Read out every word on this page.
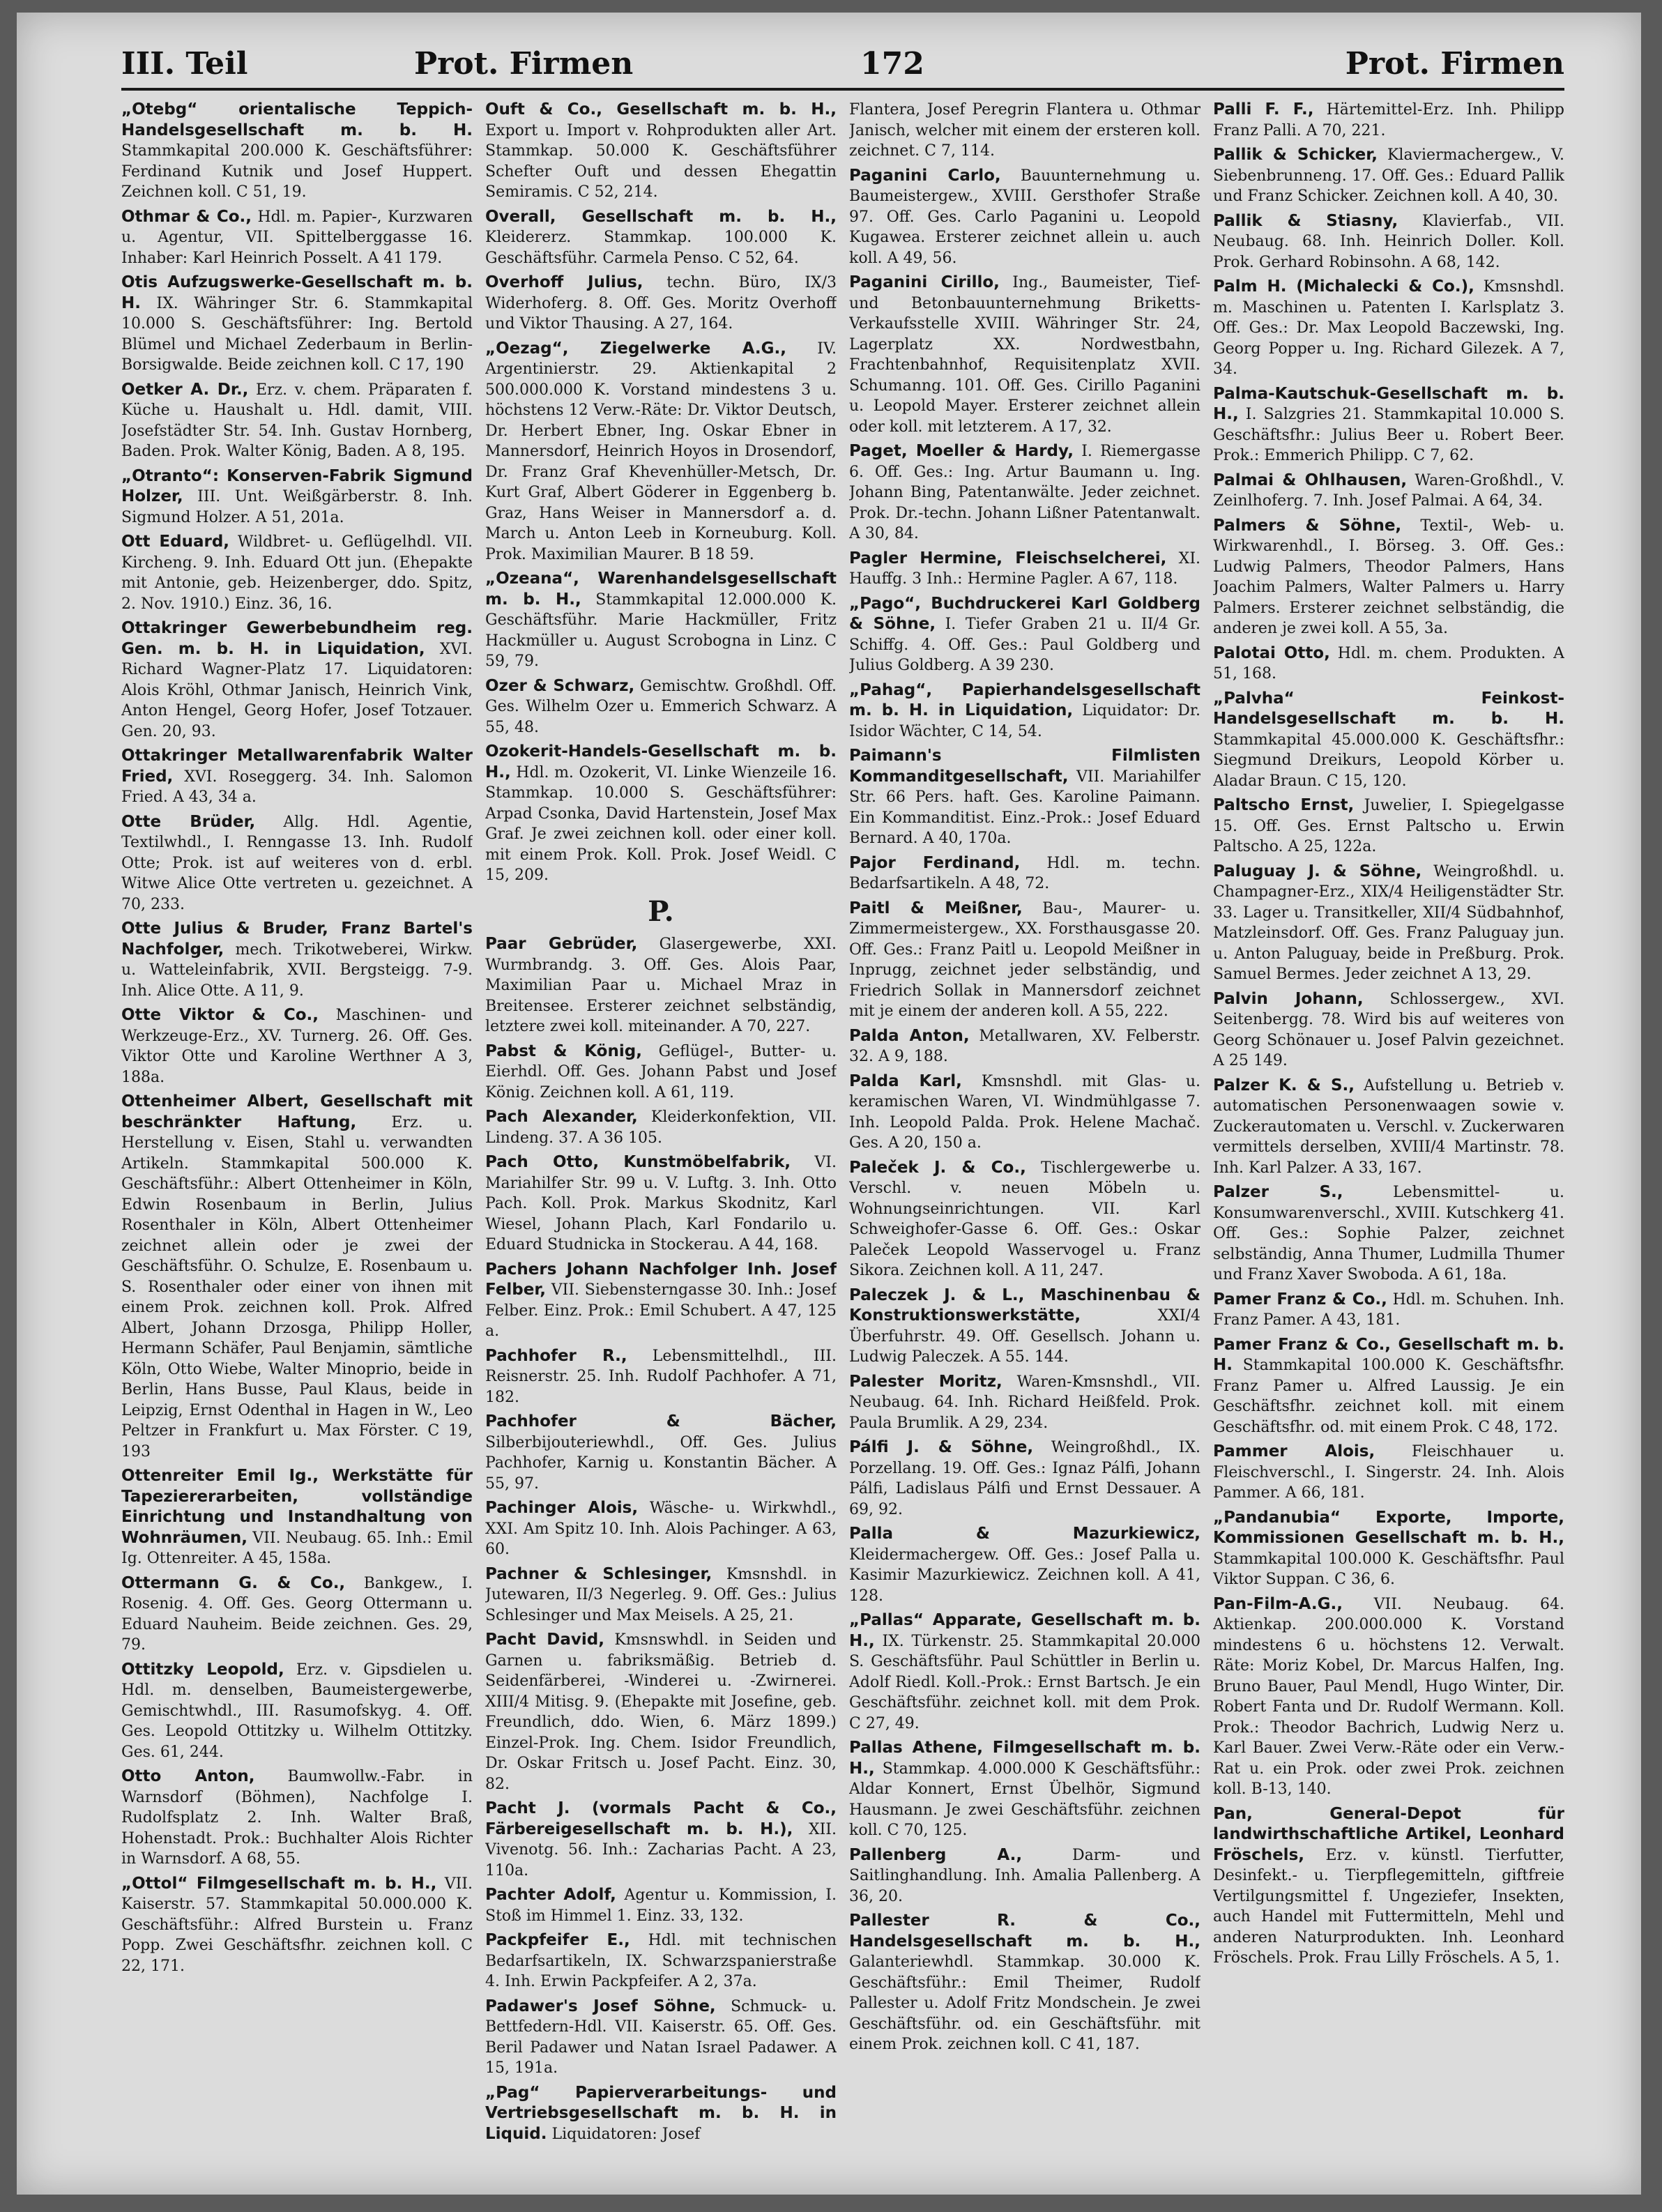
III. Teil	Prot. Firmen	172	Prot. Firmen
„Otebg“ orientalische Teppich-Handelsgesellschaft m. b. H. Stammkapital 200.000 K. Geschäftsführer: Ferdinand Kutnik und Josef Huppert. Zeichnen koll. C 51, 19.
Othmar & Co., Hdl. m. Papier-, Kurzwaren u. Agentur, VII. Spittelberggasse 16. Inhaber: Karl Heinrich Posselt. A 41 179.
Otis Aufzugswerke-Gesellschaft m. b. H. IX. Währinger Str. 6. Stammkapital 10.000 S. Geschäftsführer: Ing. Bertold Blümel und Michael Zederbaum in Berlin-Borsigwalde. Beide zeichnen koll. C 17, 190
Oetker A. Dr., Erz. v. chem. Präparaten f. Küche u. Haushalt u. Hdl. damit, VIII. Josefstädter Str. 54. Inh. Gustav Hornberg, Baden. Prok. Walter König, Baden. A 8, 195.
„Otranto“: Konserven-Fabrik Sigmund Holzer, III. Unt. Weißgärberstr. 8. Inh. Sigmund Holzer. A 51, 201a.
Ott Eduard, Wildbret- u. Geflügelhdl. VII. Kircheng. 9. Inh. Eduard Ott jun. (Ehepakte mit Antonie, geb. Heizenberger, ddo. Spitz, 2. Nov. 1910.) Einz. 36, 16.
Ottakringer Gewerbebundheim reg. Gen. m. b. H. in Liquidation, XVI. Richard Wagner-Platz 17. Liquidatoren: Alois Kröhl, Othmar Janisch, Heinrich Vink, Anton Hengel, Georg Hofer, Josef Totzauer. Gen. 20, 93.
Ottakringer Metallwarenfabrik Walter Fried, XVI. Roseggerg. 34. Inh. Salomon Fried. A 43, 34 a.
Otte Brüder, Allg. Hdl. Agentie, Textilwhdl., I. Renngasse 13. Inh. Rudolf Otte; Prok. ist auf weiteres von d. erbl. Witwe Alice Otte vertreten u. gezeichnet. A 70, 233.
Otte Julius & Bruder, Franz Bartel's Nachfolger, mech. Trikotweberei, Wirkw. u. Watteleinfabrik, XVII. Bergsteigg. 7-9. Inh. Alice Otte. A 11, 9.
Otte Viktor & Co., Maschinen- und Werkzeuge-Erz., XV. Turnerg. 26. Off. Ges. Viktor Otte und Karoline Werthner A 3, 188a.
Ottenheimer Albert, Gesellschaft mit beschränkter Haftung, Erz. u. Herstellung v. Eisen, Stahl u. verwandten Artikeln. Stammkapital 500.000 K. Geschäftsführ.: Albert Ottenheimer in Köln, Edwin Rosenbaum in Berlin, Julius Rosenthaler in Köln, Albert Ottenheimer zeichnet allein oder je zwei der Geschäftsführ. O. Schulze, E. Rosenbaum u. S. Rosenthaler oder einer von ihnen mit einem Prok. zeichnen koll. Prok. Alfred Albert, Johann Drzosga, Philipp Holler, Hermann Schäfer, Paul Benjamin, sämtliche Köln, Otto Wiebe, Walter Minoprio, beide in Berlin, Hans Busse, Paul Klaus, beide in Leipzig, Ernst Odenthal in Hagen in W., Leo Peltzer in Frankfurt u. Max Förster. C 19, 193
Ottenreiter Emil Ig., Werkstätte für Tapeziererarbeiten, vollständige Einrichtung und Instandhaltung von Wohnräumen, VII. Neubaug. 65. Inh.: Emil Ig. Ottenreiter. A 45, 158a.
Ottermann G. & Co., Bankgew., I. Rosenig. 4. Off. Ges. Georg Ottermann u. Eduard Nauheim. Beide zeichnen. Ges. 29, 79.
Ottitzky Leopold, Erz. v. Gipsdielen u. Hdl. m. denselben, Baumeistergewerbe, Gemischtwhdl., III. Rasumofskyg. 4. Off. Ges. Leopold Ottitzky u. Wilhelm Ottitzky. Ges. 61, 244.
Otto Anton, Baumwollw.-Fabr. in Warnsdorf (Böhmen), Nachfolge I. Rudolfsplatz 2. Inh. Walter Braß, Hohenstadt. Prok.: Buchhalter Alois Richter in Warnsdorf. A 68, 55.
„Ottol“ Filmgesellschaft m. b. H., VII. Kaiserstr. 57. Stammkapital 50.000.000 K. Geschäftsführ.: Alfred Burstein u. Franz Popp. Zwei Geschäftsfhr. zeichnen koll. C 22, 171.
Ouft & Co., Gesellschaft m. b. H., Export u. Import v. Rohprodukten aller Art. Stammkap. 50.000 K. Geschäftsführer Schefter Ouft und dessen Ehegattin Semiramis. C 52, 214.
Overall, Gesellschaft m. b. H., Kleidererz. Stammkap. 100.000 K. Geschäftsführ. Carmela Penso. C 52, 64.
Overhoff Julius, techn. Büro, IX/3 Widerhoferg. 8. Off. Ges. Moritz Overhoff und Viktor Thausing. A 27, 164.
„Oezag“, Ziegelwerke A.G., IV. Argentinierstr. 29. Aktienkapital 2 500.000.000 K. Vorstand mindestens 3 u. höchstens 12 Verw.-Räte: Dr. Viktor Deutsch, Dr. Herbert Ebner, Ing. Oskar Ebner in Mannersdorf, Heinrich Hoyos in Drosendorf, Dr. Franz Graf Khevenhüller-Metsch, Dr. Kurt Graf, Albert Göderer in Eggenberg b. Graz, Hans Weiser in Mannersdorf a. d. March u. Anton Leeb in Korneuburg. Koll. Prok. Maximilian Maurer. B 18 59.
„Ozeana“, Warenhandelsgesellschaft m. b. H., Stammkapital 12.000.000 K. Geschäftsführ. Marie Hackmüller, Fritz Hackmüller u. August Scrobogna in Linz. C 59, 79.
Ozer & Schwarz, Gemischtw. Großhdl. Off. Ges. Wilhelm Ozer u. Emmerich Schwarz. A 55, 48.
Ozokerit-Handels-Gesellschaft m. b. H., Hdl. m. Ozokerit, VI. Linke Wienzeile 16. Stammkap. 10.000 S. Geschäftsführer: Arpad Csonka, David Hartenstein, Josef Max Graf. Je zwei zeichnen koll. oder einer koll. mit einem Prok. Koll. Prok. Josef Weidl. C 15, 209.
P.
Paar Gebrüder, Glasergewerbe, XXI. Wurmbrandg. 3. Off. Ges. Alois Paar, Maximilian Paar u. Michael Mraz in Breitensee. Ersterer zeichnet selbständig, letztere zwei koll. miteinander. A 70, 227.
Pabst & König, Geflügel-, Butter- u. Eierhdl. Off. Ges. Johann Pabst und Josef König. Zeichnen koll. A 61, 119.
Pach Alexander, Kleiderkonfektion, VII. Lindeng. 37. A 36 105.
Pach Otto, Kunstmöbelfabrik, VI. Mariahilfer Str. 99 u. V. Luftg. 3. Inh. Otto Pach. Koll. Prok. Markus Skodnitz, Karl Wiesel, Johann Plach, Karl Fondarilo u. Eduard Studnicka in Stockerau. A 44, 168.
Pachers Johann Nachfolger Inh. Josef Felber, VII. Siebensterngasse 30. Inh.: Josef Felber. Einz. Prok.: Emil Schubert. A 47, 125 a.
Pachhofer R., Lebensmittelhdl., III. Reisnerstr. 25. Inh. Rudolf Pachhofer. A 71, 182.
Pachhofer & Bächer, Silberbijouteriewhdl., Off. Ges. Julius Pachhofer, Karnig u. Konstantin Bächer. A 55, 97.
Pachinger Alois, Wäsche- u. Wirkwhdl., XXI. Am Spitz 10. Inh. Alois Pachinger. A 63, 60.
Pachner & Schlesinger, Kmsnshdl. in Jutewaren, II/3 Negerleg. 9. Off. Ges.: Julius Schlesinger und Max Meisels. A 25, 21.
Pacht David, Kmsnswhdl. in Seiden und Garnen u. fabriksmäßig. Betrieb d. Seidenfärberei, -Winderei u. -Zwirnerei. XIII/4 Mitisg. 9. (Ehepakte mit Josefine, geb. Freundlich, ddo. Wien, 6. März 1899.) Einzel-Prok. Ing. Chem. Isidor Freundlich, Dr. Oskar Fritsch u. Josef Pacht. Einz. 30, 82.
Pacht J. (vormals Pacht & Co., Färbereigesellschaft m. b. H.), XII. Vivenotg. 56. Inh.: Zacharias Pacht. A 23, 110a.
Pachter Adolf, Agentur u. Kommission, I. Stoß im Himmel 1. Einz. 33, 132.
Packpfeifer E., Hdl. mit technischen Bedarfsartikeln, IX. Schwarzspanierstraße 4. Inh. Erwin Packpfeifer. A 2, 37a.
Padawer's Josef Söhne, Schmuck- u. Bettfedern-Hdl. VII. Kaiserstr. 65. Off. Ges. Beril Padawer und Natan Israel Padawer. A 15, 191a.
„Pag“ Papierverarbeitungs- und Vertriebsgesellschaft m. b. H. in Liquid. Liquidatoren: Josef
Flantera, Josef Peregrin Flantera u. Othmar Janisch, welcher mit einem der ersteren koll. zeichnet. C 7, 114.
Paganini Carlo, Bauunternehmung u. Baumeistergew., XVIII. Gersthofer Straße 97. Off. Ges. Carlo Paganini u. Leopold Kugawea. Ersterer zeichnet allein u. auch koll. A 49, 56.
Paganini Cirillo, Ing., Baumeister, Tief- und Betonbauunternehmung Briketts-Verkaufsstelle XVIII. Währinger Str. 24, Lagerplatz XX. Nordwestbahn, Frachtenbahnhof, Requisitenplatz XVII. Schumanng. 101. Off. Ges. Cirillo Paganini u. Leopold Mayer. Ersterer zeichnet allein oder koll. mit letzterem. A 17, 32.
Paget, Moeller & Hardy, I. Riemergasse 6. Off. Ges.: Ing. Artur Baumann u. Ing. Johann Bing, Patentanwälte. Jeder zeichnet. Prok. Dr.-techn. Johann Lißner Patentanwalt. A 30, 84.
Pagler Hermine, Fleischselcherei, XI. Hauffg. 3 Inh.: Hermine Pagler. A 67, 118.
„Pago“, Buchdruckerei Karl Goldberg & Söhne, I. Tiefer Graben 21 u. II/4 Gr. Schiffg. 4. Off. Ges.: Paul Goldberg und Julius Goldberg. A 39 230.
„Pahag“, Papierhandelsgesellschaft m. b. H. in Liquidation, Liquidator: Dr. Isidor Wächter, C 14, 54.
Paimann's Filmlisten Kommanditgesellschaft, VII. Mariahilfer Str. 66 Pers. haft. Ges. Karoline Paimann. Ein Kommanditist. Einz.-Prok.: Josef Eduard Bernard. A 40, 170a.
Pajor Ferdinand, Hdl. m. techn. Bedarfsartikeln. A 48, 72.
Paitl & Meißner, Bau-, Maurer- u. Zimmermeistergew., XX. Forsthausgasse 20. Off. Ges.: Franz Paitl u. Leopold Meißner in Inprugg, zeichnet jeder selbständig, und Friedrich Sollak in Mannersdorf zeichnet mit je einem der anderen koll. A 55, 222.
Palda Anton, Metallwaren, XV. Felberstr. 32. A 9, 188.
Palda Karl, Kmsnshdl. mit Glas- u. keramischen Waren, VI. Windmühlgasse 7. Inh. Leopold Palda. Prok. Helene Machač. Ges. A 20, 150 a.
Paleček J. & Co., Tischlergewerbe u. Verschl. v. neuen Möbeln u. Wohnungseinrichtungen. VII. Karl Schweighofer-Gasse 6. Off. Ges.: Oskar Paleček Leopold Wasservogel u. Franz Sikora. Zeichnen koll. A 11, 247.
Paleczek J. & L., Maschinenbau & Konstruktionswerkstätte, XXI/4 Überfuhrstr. 49. Off. Gesellsch. Johann u. Ludwig Paleczek. A 55. 144.
Palester Moritz, Waren-Kmsnshdl., VII. Neubaug. 64. Inh. Richard Heißfeld. Prok. Paula Brumlik. A 29, 234.
Pálfi J. & Söhne, Weingroßhdl., IX. Porzellang. 19. Off. Ges.: Ignaz Pálfi, Johann Pálfi, Ladislaus Pálfi und Ernst Dessauer. A 69, 92.
Palla & Mazurkiewicz, Kleidermachergew. Off. Ges.: Josef Palla u. Kasimir Mazurkiewicz. Zeichnen koll. A 41, 128.
„Pallas“ Apparate, Gesellschaft m. b. H., IX. Türkenstr. 25. Stammkapital 20.000 S. Geschäftsführ. Paul Schüttler in Berlin u. Adolf Riedl. Koll.-Prok.: Ernst Bartsch. Je ein Geschäftsführ. zeichnet koll. mit dem Prok. C 27, 49.
Pallas Athene, Filmgesellschaft m. b. H., Stammkap. 4.000.000 K Geschäftsführ.: Aldar Konnert, Ernst Übelhör, Sigmund Hausmann. Je zwei Geschäftsführ. zeichnen koll. C 70, 125.
Pallenberg A., Darm- und Saitlinghandlung. Inh. Amalia Pallenberg. A 36, 20.
Pallester R. & Co., Handelsgesellschaft m. b. H., Galanteriewhdl. Stammkap. 30.000 K. Geschäftsführ.: Emil Theimer, Rudolf Pallester u. Adolf Fritz Mondschein. Je zwei Geschäftsführ. od. ein Geschäftsführ. mit einem Prok. zeichnen koll. C 41, 187.
Palli F. F., Härtemittel-Erz. Inh. Philipp Franz Palli. A 70, 221.
Pallik & Schicker, Klaviermachergew., V. Siebenbrunneng. 17. Off. Ges.: Eduard Pallik und Franz Schicker. Zeichnen koll. A 40, 30.
Pallik & Stiasny, Klavierfab., VII. Neubaug. 68. Inh. Heinrich Doller. Koll. Prok. Gerhard Robinsohn. A 68, 142.
Palm H. (Michalecki & Co.), Kmsnshdl. m. Maschinen u. Patenten I. Karlsplatz 3. Off. Ges.: Dr. Max Leopold Baczewski, Ing. Georg Popper u. Ing. Richard Gilezek. A 7, 34.
Palma-Kautschuk-Gesellschaft m. b. H., I. Salzgries 21. Stammkapital 10.000 S. Geschäftsfhr.: Julius Beer u. Robert Beer. Prok.: Emmerich Philipp. C 7, 62.
Palmai & Ohlhausen, Waren-Großhdl., V. Zeinlhoferg. 7. Inh. Josef Palmai. A 64, 34.
Palmers & Söhne, Textil-, Web- u. Wirkwarenhdl., I. Börseg. 3. Off. Ges.: Ludwig Palmers, Theodor Palmers, Hans Joachim Palmers, Walter Palmers u. Harry Palmers. Ersterer zeichnet selbständig, die anderen je zwei koll. A 55, 3a.
Palotai Otto, Hdl. m. chem. Produkten. A 51, 168.
„Palvha“ Feinkost-Handelsgesellschaft m. b. H. Stammkapital 45.000.000 K. Geschäftsfhr.: Siegmund Dreikurs, Leopold Körber u. Aladar Braun. C 15, 120.
Paltscho Ernst, Juwelier, I. Spiegelgasse 15. Off. Ges. Ernst Paltscho u. Erwin Paltscho. A 25, 122a.
Paluguay J. & Söhne, Weingroßhdl. u. Champagner-Erz., XIX/4 Heiligenstädter Str. 33. Lager u. Transitkeller, XII/4 Südbahnhof, Matzleinsdorf. Off. Ges. Franz Paluguay jun. u. Anton Paluguay, beide in Preßburg. Prok. Samuel Bermes. Jeder zeichnet A 13, 29.
Palvin Johann, Schlossergew., XVI. Seitenbergg. 78. Wird bis auf weiteres von Georg Schönauer u. Josef Palvin gezeichnet. A 25 149.
Palzer K. & S., Aufstellung u. Betrieb v. automatischen Personenwaagen sowie v. Zuckerautomaten u. Verschl. v. Zuckerwaren vermittels derselben, XVIII/4 Martinstr. 78. Inh. Karl Palzer. A 33, 167.
Palzer S., Lebensmittel- u. Konsumwarenverschl., XVIII. Kutschkerg 41. Off. Ges.: Sophie Palzer, zeichnet selbständig, Anna Thumer, Ludmilla Thumer und Franz Xaver Swoboda. A 61, 18a.
Pamer Franz & Co., Hdl. m. Schuhen. Inh. Franz Pamer. A 43, 181.
Pamer Franz & Co., Gesellschaft m. b. H. Stammkapital 100.000 K. Geschäftsfhr. Franz Pamer u. Alfred Laussig. Je ein Geschäftsfhr. zeichnet koll. mit einem Geschäftsfhr. od. mit einem Prok. C 48, 172.
Pammer Alois, Fleischhauer u. Fleischverschl., I. Singerstr. 24. Inh. Alois Pammer. A 66, 181.
„Pandanubia“ Exporte, Importe, Kommissionen Gesellschaft m. b. H., Stammkapital 100.000 K. Geschäftsfhr. Paul Viktor Suppan. C 36, 6.
Pan-Film-A.G., VII. Neubaug. 64. Aktienkap. 200.000.000 K. Vorstand mindestens 6 u. höchstens 12. Verwalt. Räte: Moriz Kobel, Dr. Marcus Halfen, Ing. Bruno Bauer, Paul Mendl, Hugo Winter, Dir. Robert Fanta und Dr. Rudolf Wermann. Koll. Prok.: Theodor Bachrich, Ludwig Nerz u. Karl Bauer. Zwei Verw.-Räte oder ein Verw.-Rat u. ein Prok. oder zwei Prok. zeichnen koll. B-13, 140.
Pan, General-Depot für landwirthschaftliche Artikel, Leonhard Fröschels, Erz. v. künstl. Tierfutter, Desinfekt.- u. Tierpflegemitteln, giftfreie Vertilgungsmittel f. Ungeziefer, Insekten, auch Handel mit Futtermitteln, Mehl und anderen Naturprodukten. Inh. Leonhard Fröschels. Prok. Frau Lilly Fröschels. A 5, 1.
